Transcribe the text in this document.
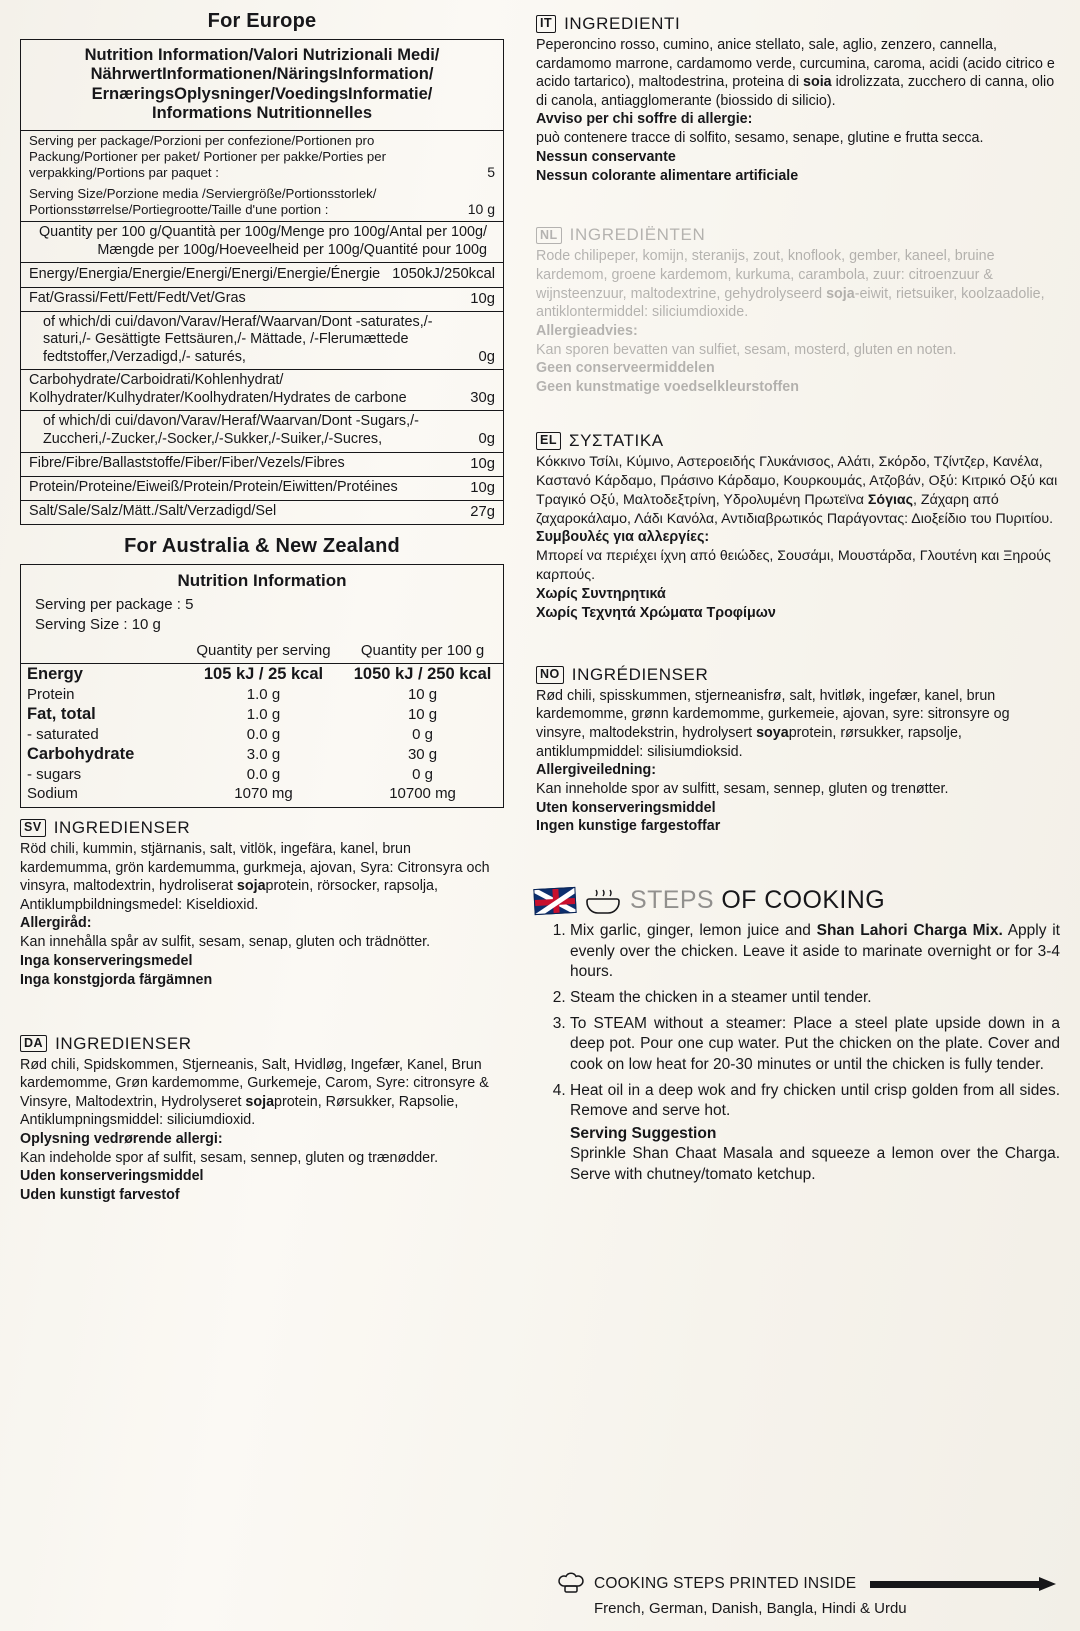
For Europe
Nutrition Information/Valori Nutrizionali Medi/
NährwertInformationen/NäringsInformation/
ErnæringsOplysninger/VoedingsInformatie/
Informations Nutritionnelles
Serving per package/Porzioni per confezione/Portionen pro Packung/Portioner per paket/ Portioner per pakke/Porties per verpakking/Portions par paquet :	5
Serving Size/Porzione media /Serviergröße/Portionsstorlek/ Portionsstørrelse/Portiegrootte/Taille d'une portion :	10 g
Quantity per 100 g/Quantità per 100g/Menge pro 100g/Antal per 100g/ Mængde per 100g/Hoeveelheid per 100g/Quantité pour 100g
Energy/Energia/Energie/Energi/Energi/Energie/Énergie 1050kJ/250kcal
Fat/Grassi/Fett/Fett/Fedt/Vet/Gras	10g
of which/di cui/davon/Varav/Heraf/Waarvan/Dont -saturates,/- saturi,/- Gesättigte Fettsäuren,/- Mättade, /-Flerumættede fedtstoffer,/Verzadigd,/- saturés,	0g
Carbohydrate/Carboidrati/Kohlenhydrat/ Kolhydrater/Kulhydrater/Koolhydraten/Hydrates de carbone	30g
of which/di cui/davon/Varav/Heraf/Waarvan/Dont -Sugars,/-Zuccheri,/-Zucker,/-Socker,/-Sukker,/-Suiker,/-Sucres,	0g
Fibre/Fibre/Ballaststoffe/Fiber/Fiber/Vezels/Fibres	10g
Protein/Proteine/Eiweiß/Protein/Protein/Eiwitten/Protéines	10g
Salt/Sale/Salz/Mätt./Salt/Verzadigd/Sel	27g
For Australia & New Zealand
Nutrition Information
Serving per package : 5
Serving Size : 10 g
	Quantity per serving	Quantity per 100 g

Energy	105 kJ / 25 kcal	1050 kJ / 250 kcal
Protein	1.0 g	10 g
Fat, total	1.0 g	10 g
- saturated	0.0 g	0 g
Carbohydrate	3.0 g	30 g
- sugars	0.0 g	0 g
Sodium	1070 mg	10700 mg
SV INGREDIENSER
Röd chili, kummin, stjärnanis, salt, vitlök, ingefära, kanel, brun kardemumma, grön kardemumma, gurkmeja, ajovan, Syra: Citronsyra och vinsyra, maltodextrin, hydroliserat sojaprotein, rörsocker, rapsolja, Antiklumpbildningsmedel: Kiseldioxid.
Allergiråd:
Kan innehålla spår av sulfit, sesam, senap, gluten och trädnötter.
Inga konserveringsmedel
Inga konstgjorda färgämnen
DA INGREDIENSER
Rød chili, Spidskommen, Stjerneanis, Salt, Hvidløg, Ingefær, Kanel, Brun kardemomme, Grøn kardemomme, Gurkemeje, Carom, Syre: citronsyre & Vinsyre, Maltodextrin, Hydrolyseret sojaprotein, Rørsukker, Rapsolie, Antiklumpningsmiddel: siliciumdioxid.
Oplysning vedrørende allergi:
Kan indeholde spor af sulfit, sesam, sennep, gluten og trænødder.
Uden konserveringsmiddel
Uden kunstigt farvestof
IT INGREDIENTI
Peperoncino rosso, cumino, anice stellato, sale, aglio, zenzero, cannella, cardamomo marrone, cardamomo verde, curcumina, caroma, acidi (acido citrico e acido tartarico), maltodestrina, proteina di soia idrolizzata, zucchero di canna, olio di canola, antiagglomerante (biossido di silicio).
Avviso per chi soffre di allergie:
può contenere tracce di solfito, sesamo, senape, glutine e frutta secca.
Nessun conservante
Nessun colorante alimentare artificiale
NL INGREDIËNTEN
Rode chilipeper, komijn, steranijs, zout, knoflook, gember, kaneel, bruine kardemom, groene kardemom, kurkuma, carambola, zuur: citroenzuur & wijnsteenzuur, maltodextrine, gehydrolyseerd soja-eiwit, rietsuiker, koolzaadolie, antiklontermiddel: siliciumdioxide.
Allergieadvies:
Kan sporen bevatten van sulfiet, sesam, mosterd, gluten en noten.
Geen conserveermiddelen
Geen kunstmatige voedselkleurstoffen
EL ΣΥΣΤΑΤΙΚΑ
Κόκκινο Τσίλι, Κύμινο, Αστεροειδής Γλυκάνισος, Αλάτι, Σκόρδο, Τζίντζερ, Κανέλα, Καστανό Κάρδαμο, Πράσινο Κάρδαμο, Κουρκουμάς, Ατζοβάν, Οξύ: Κιτρικό Οξύ και Τραγικό Οξύ, Μαλτοδεξτρίνη, Υδρολυμένη Πρωτεϊνα Σόγιας, Ζάχαρη από ζαχαροκάλαμο, Λάδι Κανόλα, Αντιδιαβρωτικός Παράγοντας: Διοξείδιο του Πυριτίου.
Συμβουλές για αλλεργίες:
Μπορεί να περιέχει ίχνη από θειώδες, Σουσάμι, Μουστάρδα, Γλουτένη και Ξηρούς καρπούς.
Χωρίς Συντηρητικά
Χωρίς Τεχνητά Χρώματα Τροφίμων
NO INGRÉDIENSER
Rød chili, spisskummen, stjerneanisfrø, salt, hvitløk, ingefær, kanel, brun kardemomme, grønn kardemomme, gurkemeie, ajovan, syre: sitronsyre og vinsyre, maltodekstrin, hydrolysert soyaprotein, rørsukker, rapsolje, antiklumpmiddel: silisiumdioksid.
Allergiveiledning:
Kan inneholde spor av sulfitt, sesam, sennep, gluten og trenøtter.
Uten konserveringsmiddel
Ingen kunstige fargestoffar
STEPS OF COOKING
1. Mix garlic, ginger, lemon juice and Shan Lahori Charga Mix. Apply it evenly over the chicken. Leave it aside to marinate overnight or for 3-4 hours.
2. Steam the chicken in a steamer until tender.
3. To STEAM without a steamer: Place a steel plate upside down in a deep pot. Pour one cup water. Put the chicken on the plate. Cover and cook on low heat for 20-30 minutes or until the chicken is fully tender.
4. Heat oil in a deep wok and fry chicken until crisp golden from all sides. Remove and serve hot.
Serving Suggestion
Sprinkle Shan Chaat Masala and squeeze a lemon over the Charga. Serve with chutney/tomato ketchup.
COOKING STEPS PRINTED INSIDE
French, German, Danish, Bangla, Hindi & Urdu
